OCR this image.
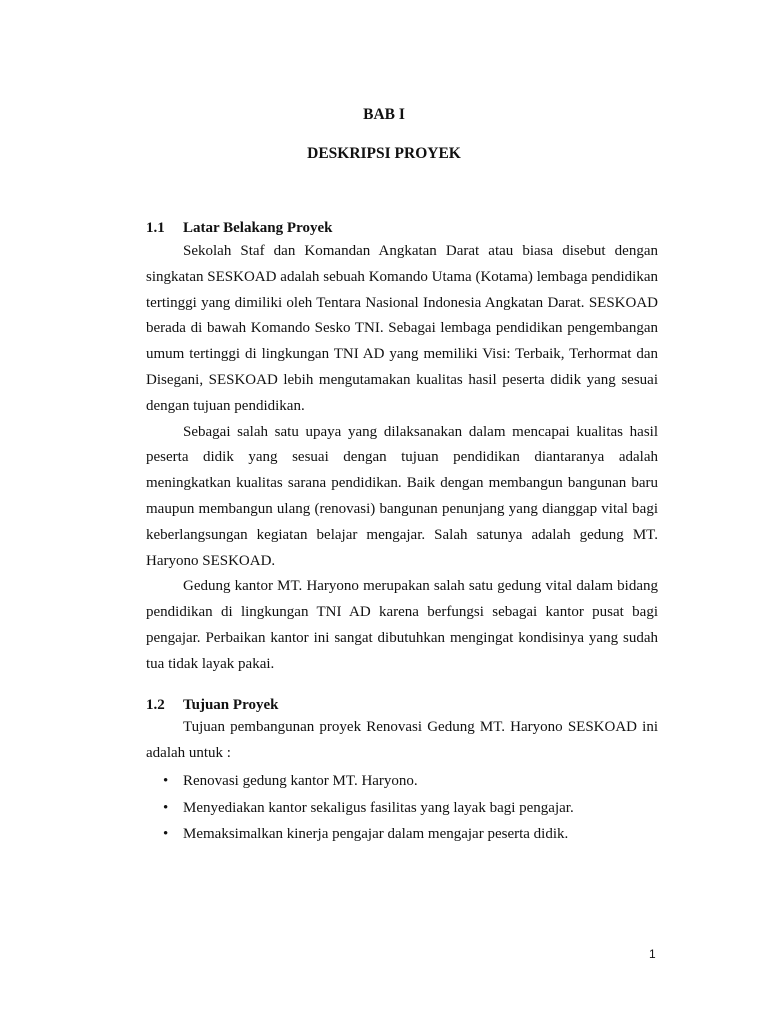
BAB I
DESKRIPSI PROYEK
1.1 Latar Belakang Proyek

Sekolah Staf dan Komandan Angkatan Darat atau biasa disebut dengan singkatan SESKOAD adalah sebuah Komando Utama (Kotama) lembaga pendidikan tertinggi yang dimiliki oleh Tentara Nasional Indonesia Angkatan Darat. SESKOAD berada di bawah Komando Sesko TNI. Sebagai lembaga pendidikan pengembangan umum tertinggi di lingkungan TNI AD yang memiliki Visi: Terbaik, Terhormat dan Disegani, SESKOAD lebih mengutamakan kualitas hasil peserta didik yang sesuai dengan tujuan pendidikan.

Sebagai salah satu upaya yang dilaksanakan dalam mencapai kualitas hasil peserta didik yang sesuai dengan tujuan pendidikan diantaranya adalah meningkatkan kualitas sarana pendidikan. Baik dengan membangun bangunan baru maupun membangun ulang (renovasi) bangunan penunjang yang dianggap vital bagi keberlangsungan kegiatan belajar mengajar. Salah satunya adalah gedung MT. Haryono SESKOAD.

Gedung kantor MT. Haryono merupakan salah satu gedung vital dalam bidang pendidikan di lingkungan TNI AD karena berfungsi sebagai kantor pusat bagi pengajar. Perbaikan kantor ini sangat dibutuhkan mengingat kondisinya yang sudah tua tidak layak pakai.

1.2 Tujuan Proyek

Tujuan pembangunan proyek Renovasi Gedung MT. Haryono SESKOAD ini adalah untuk :

• Renovasi gedung kantor MT. Haryono.
• Menyediakan kantor sekaligus fasilitas yang layak bagi pengajar.
• Memaksimalkan kinerja pengajar dalam mengajar peserta didik.

1
